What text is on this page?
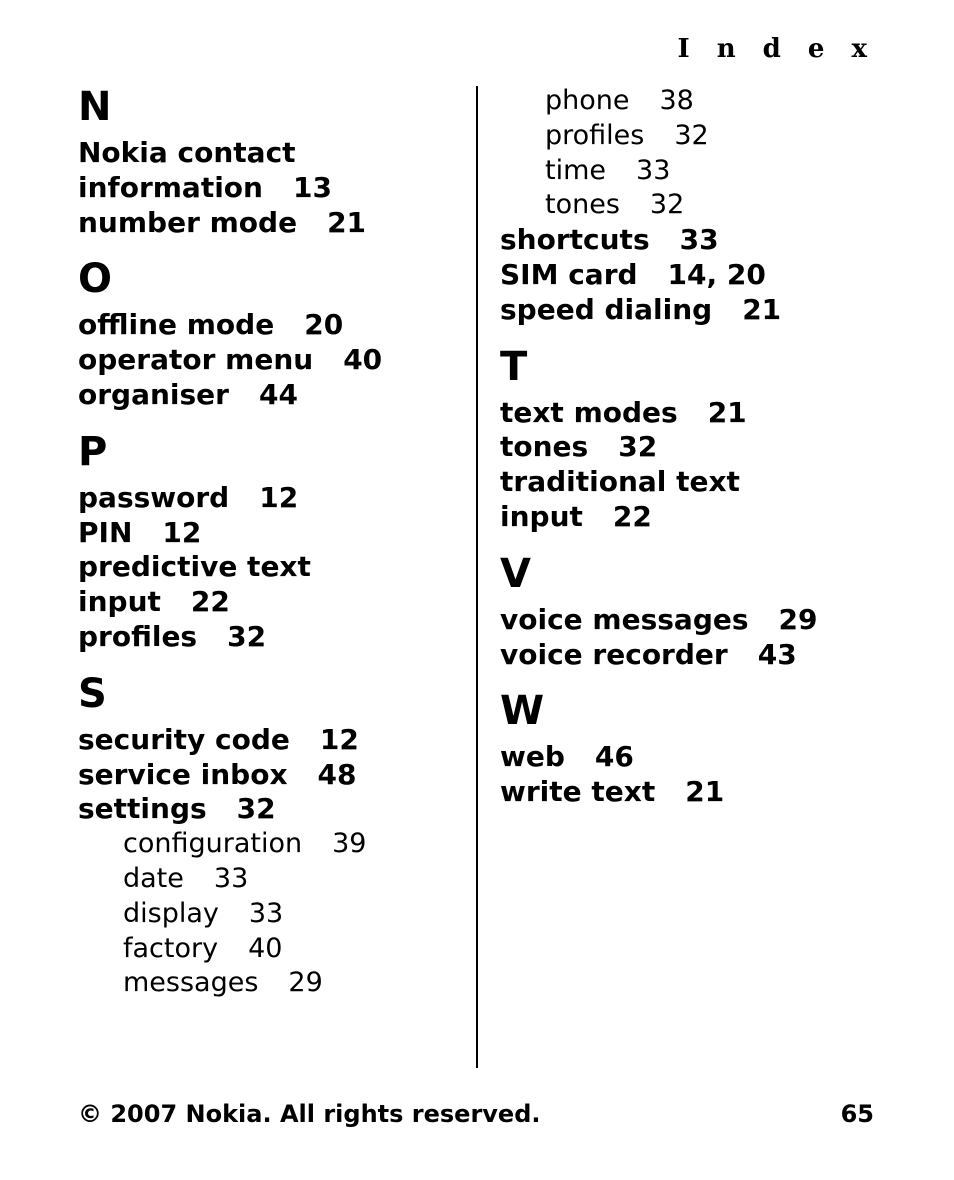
I n d e x
N
Nokia contact information 13
number mode 21
O
offline mode 20
operator menu 40
organiser 44
P
password 12
PIN 12
predictive text input 22
profiles 32
S
security code 12
service inbox 48
settings 32
configuration 39
date 33
display 33
factory 40
messages 29
phone 38
profiles 32
time 33
tones 32
shortcuts 33
SIM card 14, 20
speed dialing 21
T
text modes 21
tones 32
traditional text input 22
V
voice messages 29
voice recorder 43
W
web 46
write text 21
© 2007 Nokia. All rights reserved.	65
